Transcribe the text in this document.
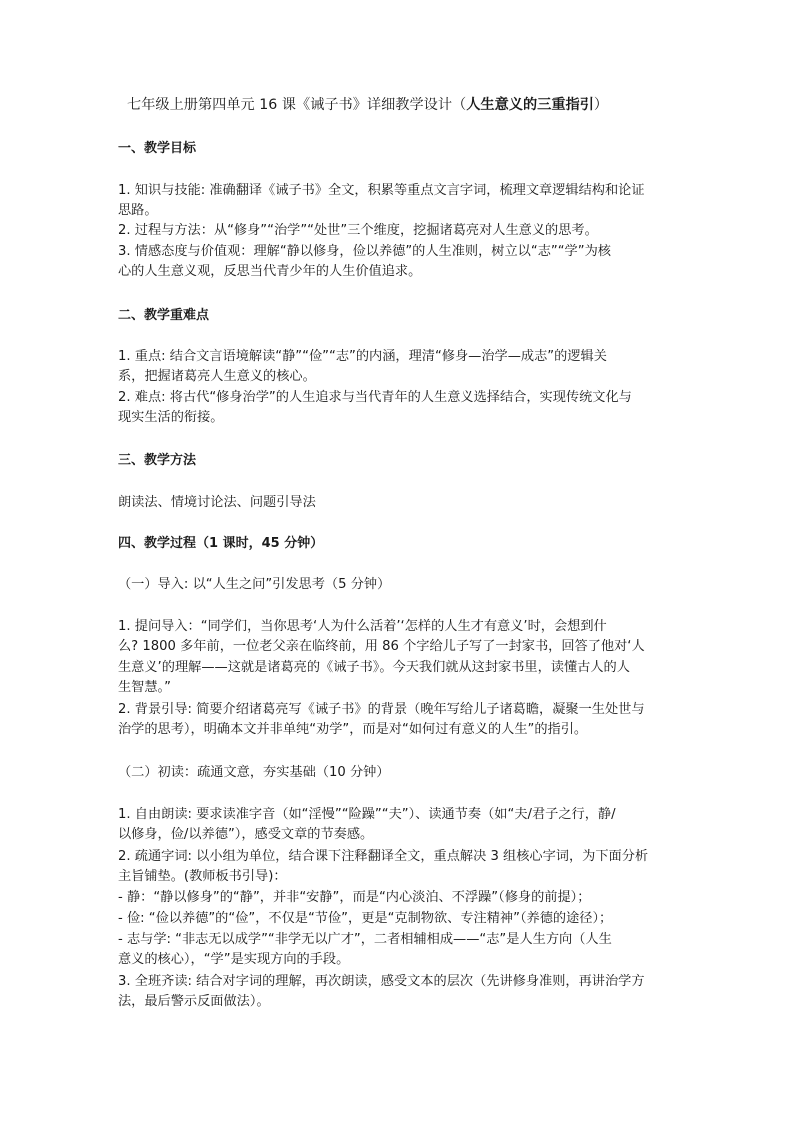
七年级上册第四单元 16 课《诫子书》详细教学设计（人生意义的三重指引）
一、教学目标
1. 知识与技能: 准确翻译《诫子书》全文，积累等重点文言字词，梳理文章逻辑结构和论证
思路。
2. 过程与方法：从“修身”“治学”“处世”三个维度，挖掘诸葛亮对人生意义的思考。
3. 情感态度与价值观：理解“静以修身，俭以养德”的人生准则，树立以“志”“学”为核
心的人生意义观，反思当代青少年的人生价值追求。
二、教学重难点
1. 重点: 结合文言语境解读“静”“俭”“志”的内涵，理清“修身—治学—成志”的逻辑关
系，把握诸葛亮人生意义的核心。
2. 难点: 将古代“修身治学”的人生追求与当代青年的人生意义选择结合，实现传统文化与
现实生活的衔接。
三、教学方法
朗读法、情境讨论法、问题引导法
四、教学过程（1 课时，45 分钟）
（一）导入: 以“人生之问”引发思考（5 分钟）
1. 提问导入：“同学们，当你思考‘人为什么活着’‘怎样的人生才有意义’时，会想到什
么? 1800 多年前，一位老父亲在临终前，用 86 个字给儿子写了一封家书，回答了他对‘人
生意义’的理解——这就是诸葛亮的《诫子书》。今天我们就从这封家书里，读懂古人的人
生智慧。”
2. 背景引导: 简要介绍诸葛亮写《诫子书》的背景（晚年写给儿子诸葛瞻，凝聚一生处世与
治学的思考），明确本文并非单纯“劝学”，而是对“如何过有意义的人生”的指引。
（二）初读：疏通文意，夯实基础（10 分钟）
1. 自由朗读: 要求读准字音（如“淫慢”“险躁”“夫”）、读通节奏（如“夫/君子之行，静/
以修身，俭/以养德”），感受文章的节奏感。
2. 疏通字词: 以小组为单位，结合课下注释翻译全文，重点解决 3 组核心字词，为下面分析
主旨铺垫。(教师板书引导)：
- 静：“静以修身”的“静”，并非“安静”，而是“内心淡泊、不浮躁”（修身的前提）；
- 俭: “俭以养德”的“俭”，不仅是“节俭”，更是“克制物欲、专注精神”（养德的途径）；
- 志与学: “非志无以成学”“非学无以广才”，二者相辅相成——“志”是人生方向（人生
意义的核心），“学”是实现方向的手段。
3. 全班齐读: 结合对字词的理解，再次朗读，感受文本的层次（先讲修身准则，再讲治学方
法，最后警示反面做法）。
